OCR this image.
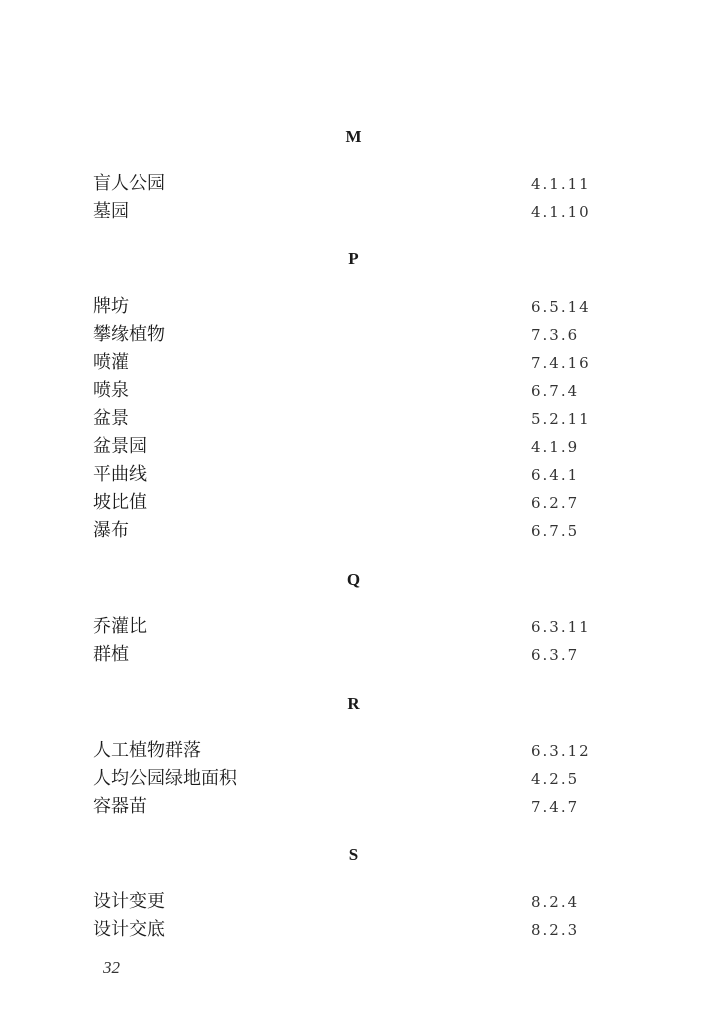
M
盲人公园	4.1.11
墓园	4.1.10
P
牌坊	6.5.14
攀缘植物	7.3.6
喷灌	7.4.16
喷泉	6.7.4
盆景	5.2.11
盆景园	4.1.9
平曲线	6.4.1
坡比值	6.2.7
瀑布	6.7.5
Q
乔灌比	6.3.11
群植	6.3.7
R
人工植物群落	6.3.12
人均公园绿地面积	4.2.5
容器苗	7.4.7
S
设计变更	8.2.4
设计交底	8.2.3
32
